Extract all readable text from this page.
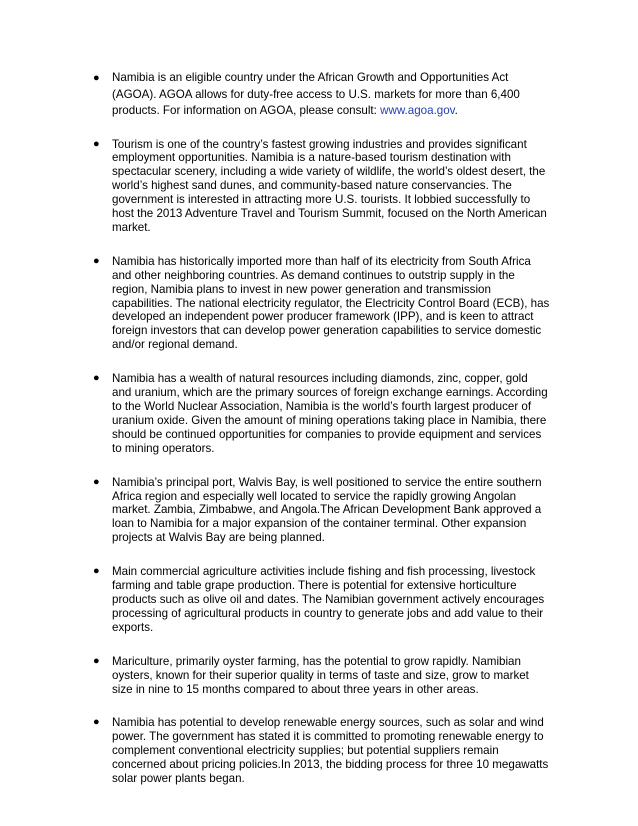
● Namibia is an eligible country under the African Growth and Opportunities Act (AGOA). AGOA allows for duty-free access to U.S. markets for more than 6,400 products. For information on AGOA, please consult: www.agoa.gov.
● Tourism is one of the country’s fastest growing industries and provides significant employment opportunities. Namibia is a nature-based tourism destination with spectacular scenery, including a wide variety of wildlife, the world’s oldest desert, the world’s highest sand dunes, and community-based nature conservancies. The government is interested in attracting more U.S. tourists. It lobbied successfully to host the 2013 Adventure Travel and Tourism Summit, focused on the North American market.
● Namibia has historically imported more than half of its electricity from South Africa and other neighboring countries. As demand continues to outstrip supply in the region, Namibia plans to invest in new power generation and transmission capabilities. The national electricity regulator, the Electricity Control Board (ECB), has developed an independent power producer framework (IPP), and is keen to attract foreign investors that can develop power generation capabilities to service domestic and/or regional demand.
● Namibia has a wealth of natural resources including diamonds, zinc, copper, gold and uranium, which are the primary sources of foreign exchange earnings. According to the World Nuclear Association, Namibia is the world’s fourth largest producer of uranium oxide. Given the amount of mining operations taking place in Namibia, there should be continued opportunities for companies to provide equipment and services to mining operators.
● Namibia’s principal port, Walvis Bay, is well positioned to service the entire southern Africa region and especially well located to service the rapidly growing Angolan market. Zambia, Zimbabwe, and Angola.The African Development Bank approved a loan to Namibia for a major expansion of the container terminal. Other expansion projects at Walvis Bay are being planned.
● Main commercial agriculture activities include fishing and fish processing, livestock farming and table grape production. There is potential for extensive horticulture products such as olive oil and dates. The Namibian government actively encourages processing of agricultural products in country to generate jobs and add value to their exports.
● Mariculture, primarily oyster farming, has the potential to grow rapidly. Namibian oysters, known for their superior quality in terms of taste and size, grow to market size in nine to 15 months compared to about three years in other areas.
● Namibia has potential to develop renewable energy sources, such as solar and wind power. The government has stated it is committed to promoting renewable energy to complement conventional electricity supplies; but potential suppliers remain concerned about pricing policies.In 2013, the bidding process for three 10 megawatts solar power plants began.
